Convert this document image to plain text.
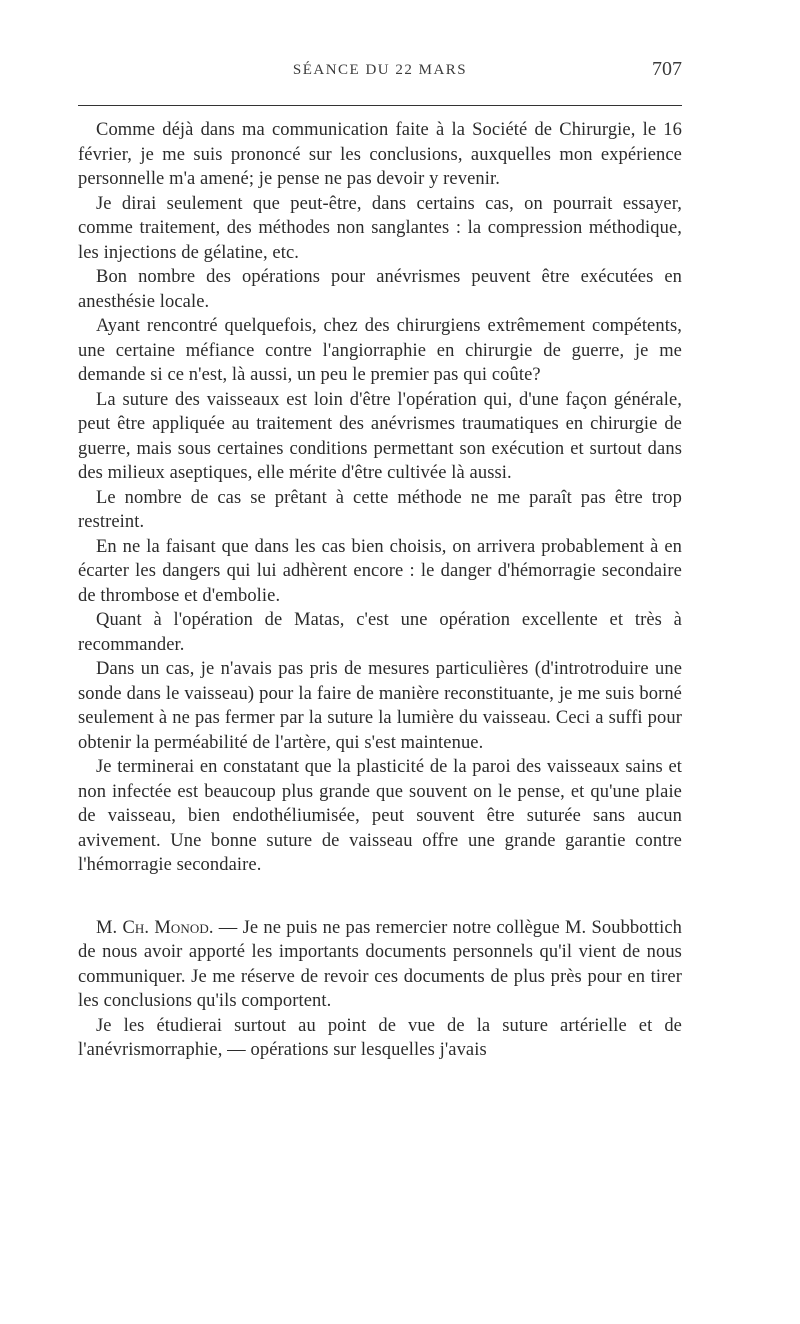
SÉANCE DU 22 MARS	707

Comme déjà dans ma communication faite à la Société de Chirurgie, le 16 février, je me suis prononcé sur les conclusions, auxquelles mon expérience personnelle m'a amené; je pense ne pas devoir y revenir.

Je dirai seulement que peut-être, dans certains cas, on pourrait essayer, comme traitement, des méthodes non sanglantes : la compression méthodique, les injections de gélatine, etc.

Bon nombre des opérations pour anévrismes peuvent être exécutées en anesthésie locale.

Ayant rencontré quelquefois, chez des chirurgiens extrêmement compétents, une certaine méfiance contre l'angiorraphie en chirurgie de guerre, je me demande si ce n'est, là aussi, un peu le premier pas qui coûte?

La suture des vaisseaux est loin d'être l'opération qui, d'une façon générale, peut être appliquée au traitement des anévrismes traumatiques en chirurgie de guerre, mais sous certaines conditions permettant son exécution et surtout dans des milieux aseptiques, elle mérite d'être cultivée là aussi.

Le nombre de cas se prêtant à cette méthode ne me paraît pas être trop restreint.

En ne la faisant que dans les cas bien choisis, on arrivera probablement à en écarter les dangers qui lui adhèrent encore : le danger d'hémorragie secondaire de thrombose et d'embolie.

Quant à l'opération de Matas, c'est une opération excellente et très à recommander.

Dans un cas, je n'avais pas pris de mesures particulières (d'introtroduire une sonde dans le vaisseau) pour la faire de manière reconstituante, je me suis borné seulement à ne pas fermer par la suture la lumière du vaisseau. Ceci a suffi pour obtenir la perméabilité de l'artère, qui s'est maintenue.

Je terminerai en constatant que la plasticité de la paroi des vaisseaux sains et non infectée est beaucoup plus grande que souvent on le pense, et qu'une plaie de vaisseau, bien endothéliumisée, peut souvent être suturée sans aucun avivement. Une bonne suture de vaisseau offre une grande garantie contre l'hémorragie secondaire.

M. Ch. Monod. — Je ne puis ne pas remercier notre collègue M. Soubbottich de nous avoir apporté les importants documents personnels qu'il vient de nous communiquer. Je me réserve de revoir ces documents de plus près pour en tirer les conclusions qu'ils comportent.

Je les étudierai surtout au point de vue de la suture artérielle et de l'anévrismorraphie, — opérations sur lesquelles j'avais
